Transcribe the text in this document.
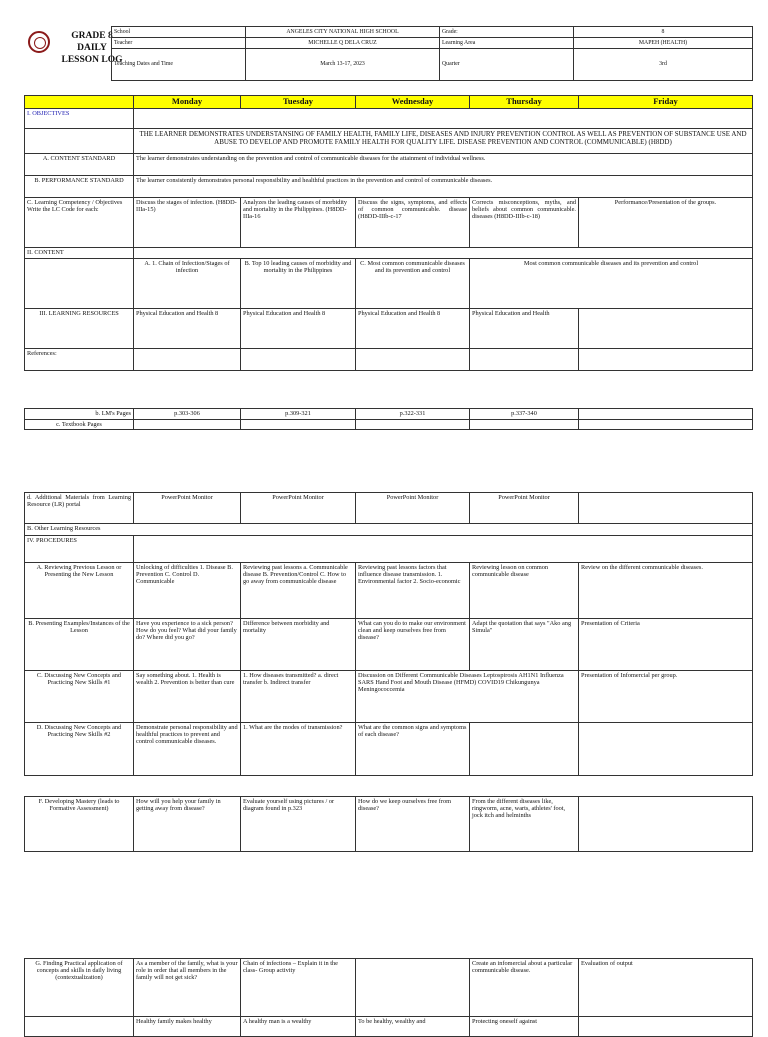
GRADE 8
DAILY
LESSON LOG
School	ANGELES CITY NATIONAL HIGH SCHOOL	Grade:	8
Teacher	MICHELLE Q DELA CRUZ	Learning Area	MAPEH (HEALTH)
Teaching Dates and Time	March 13-17, 2023	Quarter	3rd
	Monday	Tuesday	Wednesday	Thursday	Friday
I. OBJECTIVES					
	THE LEARNER DEMONSTRATES UNDERSTANSING OF FAMILY HEALTH, FAMILY LIFE, DISEASES AND INJURY PREVENTION CONTROL AS WELL AS PREVENTION OF SUBSTANCE USE AND ABUSE TO DEVELOP AND PROMOTE FAMILY HEALTH FOR QUALITY LIFE. DISEASE PREVENTION AND CONTROL (COMMUNICABLE) (H8DD)				
A. CONTENT STANDARD	The learner demonstrates understanding on the prevention and control of communicable diseases for the attainment of individual wellness.				
B. PERFORMANCE STANDARD	The learner consistently demonstrates personal responsibility and healthful practices in the prevention and control of communicable diseases.				
C. Learning Competency / Objectives Write the LC Code for each:	Discuss the stages of infection. (H8DD-IIIa-15)	Analyzes the leading causes of morbidity and mortality in the Philippines. (H8DD-IIIa-16	Discuss the signs, symptoms, and effects of common communicable. disease (H8DD-IIIb-c-17	Corrects misconceptions, myths, and beliefs about common communicable. diseases (H8DD-IIIb-c-18)	Performance/Presentation of the groups.
II. CONTENT					
	A. 1. Chain of Infection/Stages of infection	B. Top 10 leading causes of morbidity and mortality in the Philippines	C. Most common communicable diseases and its prevention and control	Most common communicable diseases and its prevention and control	
III. LEARNING RESOURCES	Physical Education and Health 8	Physical Education and Health 8	Physical Education and Health 8	Physical Education and Health	
References:					
b. LM's Pages	p.303-306	p.309-321	p.322-331	p.337-340	
c. Textbook Pages					
d. Additional Materials from Learning Resource (LR) portal	PowerPoint Monitor	PowerPoint Monitor	PowerPoint Monitor	PowerPoint Monitor	
B. Other Learning Resources					
IV. PROCEDURES					
A. Reviewing Previous Lesson or Presenting the New Lesson	Unlocking of difficulties 1. Disease B. Prevention C. Control D. Communicable	Reviewing past lessons a. Communicable disease B. Prevention/Control C. How to go away from communicable disease	Reviewing past lessons factors that influence disease transmission. 1. Environmental factor 2. Socio-economic	Reviewing lesson on common communicable disease	Review on the different communicable diseases.
B. Presenting Examples/Instances of the Lesson	Have you experience to a sick person? How do you feel? What did your family do? Where did you go?	Difference between morbidity and mortality	What can you do to make our environment clean and keep ourselves free from disease?	Adapt the quotation that says "Ako ang Simula"	Presentation of Criteria
C. Discussing New Concepts and Practicing New Skills #1	Say something about. 1. Health is wealth 2. Prevention is better than cure	1. How diseases transmitted? a. direct transfer b. Indirect transfer	Discussion on Different Communicable Diseases Leptospirosis AH1N1 Influenza SARS Hand Foot and Mouth Disease (HFMD) COVID19 Chikungunya Meningococcemia		Presentation of Infomercial per group.
D. Discussing New Concepts and Practicing New Skills #2	Demonstrate personal responsibility and healthful practices to prevent and control communicable diseases.	1. What are the modes of transmission?	What are the common signs and symptoms of each disease?		
F. Developing Mastery (leads to Formative Assessment)	How will you help your family in getting away from disease?	Evaluate yourself using pictures / or diagram found in p.323	How do we keep ourselves free from disease?	From the different diseases like, ringworm, acne, warts, athletes' foot, jock itch and helminths	
G. Finding Practical application of concepts and skills in daily living (contextualization)	As a member of the family, what is your role in order that all members in the family will not get sick?	Chain of infections – Explain it in the class- Group activity		Create an infomercial about a particular communicable disease.	Evaluation of output
	Healthy family makes healthy	A healthy man is a wealthy	To be healthy, wealthy and	Protecting oneself against	
